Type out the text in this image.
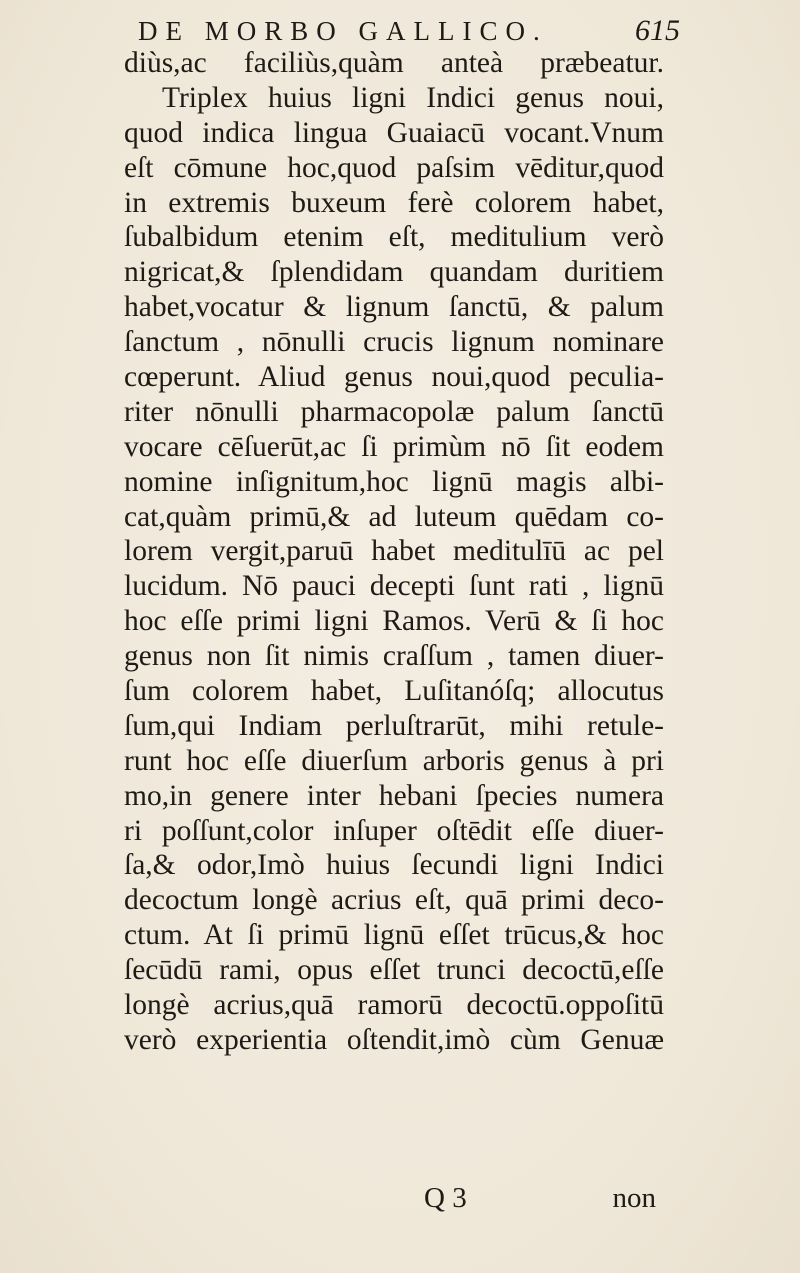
DE MORBO GALLICO.	615
diùs,ac faciliùs,quàm anteà præbeatur.
Triplex huius ligni Indici genus noui,
quod indica lingua Guaiacū vocant.Vnum
eſt cōmune hoc,quod paſsim vēditur,quod
in extremis buxeum ferè colorem habet,
ſubalbidum etenim eſt, meditulium verò
nigricat,& ſplendidam quandam duritiem
habet,vocatur & lignum ſanctū, & palum
ſanctum , nōnulli crucis lignum nominare
cœperunt. Aliud genus noui,quod peculia-
riter nōnulli pharmacopolæ palum ſanctū
vocare cēſuerūt,ac ſi primùm nō ſit eodem
nomine inſignitum,hoc lignū magis albi-
cat,quàm primū,& ad luteum quēdam co-
lorem vergit,paruū habet meditulīū ac pel
lucidum. Nō pauci decepti ſunt rati , lignū
hoc eſſe primi ligni Ramos. Verū & ſi hoc
genus non ſit nimis craſſum , tamen diuer-
ſum colorem habet, Luſitanóſq; allocutus
ſum,qui Indiam perluſtrarūt, mihi retule-
runt hoc eſſe diuerſum arboris genus à pri
mo,in genere inter hebani ſpecies numera
ri poſſunt,color inſuper oſtēdit eſſe diuer-
ſa,& odor,Imò huius ſecundi ligni Indici
decoctum longè acrius eſt, quā primi deco-
ctum. At ſi primū lignū eſſet trūcus,& hoc
ſecūdū rami, opus eſſet trunci decoctū,eſſe
longè acrius,quā ramorū decoctū.oppoſitū
verò experientia oſtendit,imò cùm Genuæ
Q 3	non
